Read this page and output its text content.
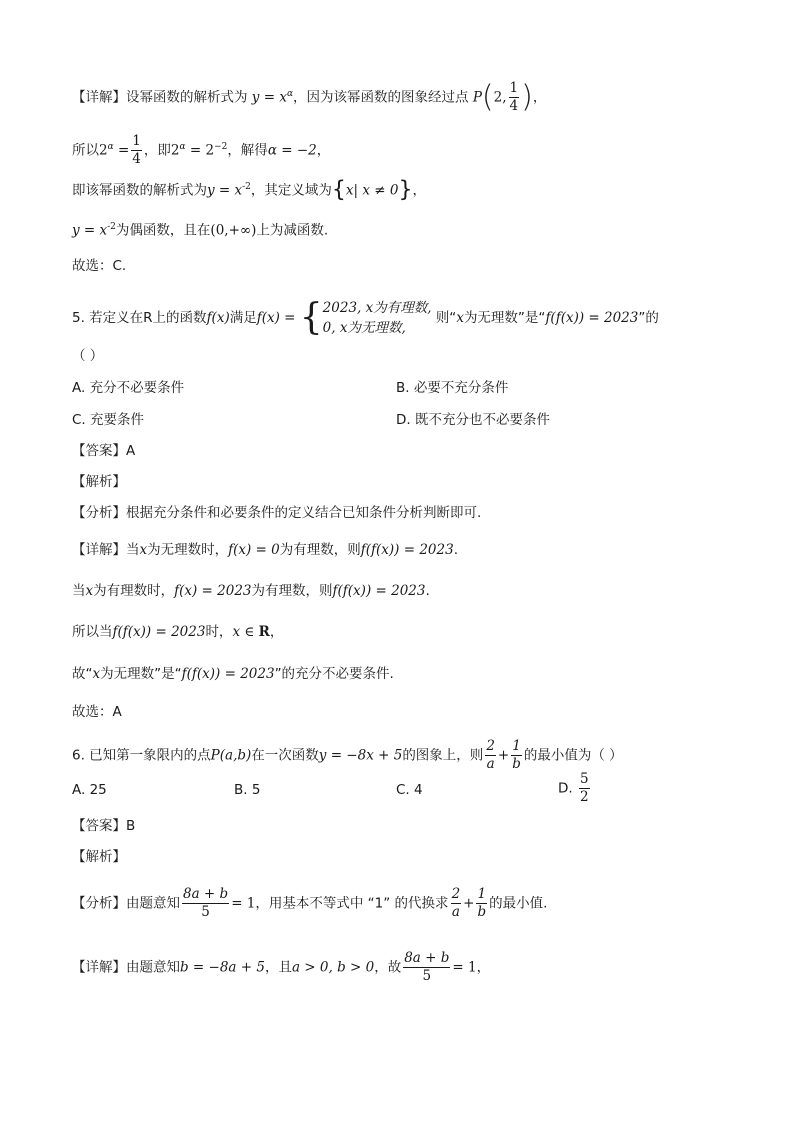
【详解】设幂函数的解析式为 $y = x^\alpha$，因为该幂函数的图象经过点 P(2, $\frac{1}{4}$ )，
所以$2^\alpha = \frac{1}{4}$ ，即$2^\alpha = 2^{-2}$，解得α = −2，
即该幂函数的解析式为$y = x^{-2}$，其定义域为{x| x ≠ 0}，
$y = x^{-2}$为偶函数，且在(0,+∞)上为减函数.
故选：C.
5. 若定义在R上的函数f(x)满足f(x) = { 2023, x为有理数,
0, x为无理数,
则“x为无理数”是“f(f(x)) = 2023”的
（ ）
A. 充分不必要条件	B. 必要不充分条件
C. 充要条件	D. 既不充分也不必要条件
【答案】A
【解析】
【分析】根据充分条件和必要条件的定义结合已知条件分析判断即可.
【详解】当x为无理数时，f(x) = 0为有理数，则f(f(x)) = 2023.
当x为有理数时，f(x) = 2023为有理数，则f(f(x)) = 2023.
所以当f(f(x)) = 2023时，x ∈ R，
故“x为无理数”是“f(f(x)) = 2023”的充分不必要条件.
故选：A
6. 已知第一象限内的点P(a,b)在一次函数y = −8x + 5的图象上，则 $\frac{2}{a} + \frac{1}{b}$ 的最小值为（ ）
A. 25	B. 5	C. 4	D. $\frac{5}{2}$
【答案】B
【解析】
【分析】由题意知 $\frac{8a + b}{5} = 1$，用基本不等式中 “1” 的代换求 $\frac{2}{a} + \frac{1}{b}$ 的最小值.
【详解】由题意知b = −8a + 5，且a > 0, b > 0，故 $\frac{8a + b}{5} = 1$，
